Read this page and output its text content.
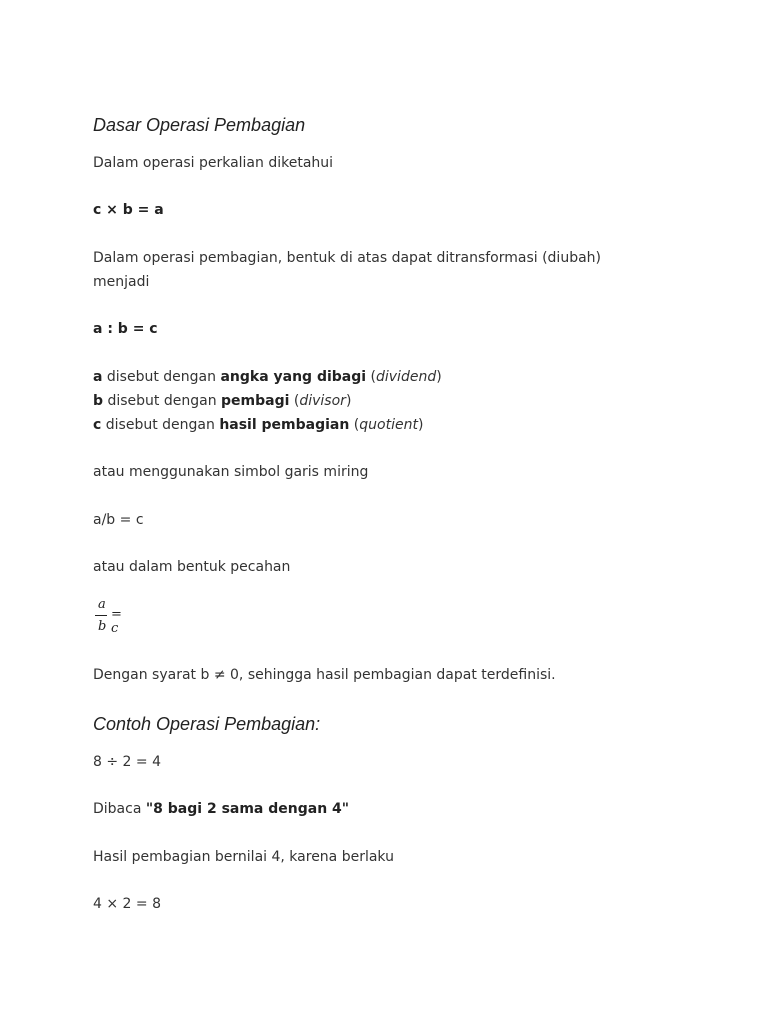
Dasar Operasi Pembagian
Dalam operasi perkalian diketahui
c × b = a
Dalam operasi pembagian, bentuk di atas dapat ditransformasi (diubah)
menjadi
a : b = c
a disebut dengan angka yang dibagi (dividend)
b disebut dengan pembagi (divisor)
c disebut dengan hasil pembagian (quotient)
atau menggunakan simbol garis miring
a/b = c
atau dalam bentuk pecahan
a
b
= c
Dengan syarat b ≠ 0, sehingga hasil pembagian dapat terdefinisi.
Contoh Operasi Pembagian:
8 ÷ 2 = 4
Dibaca "8 bagi 2 sama dengan 4"
Hasil pembagian bernilai 4, karena berlaku
4 × 2 = 8
